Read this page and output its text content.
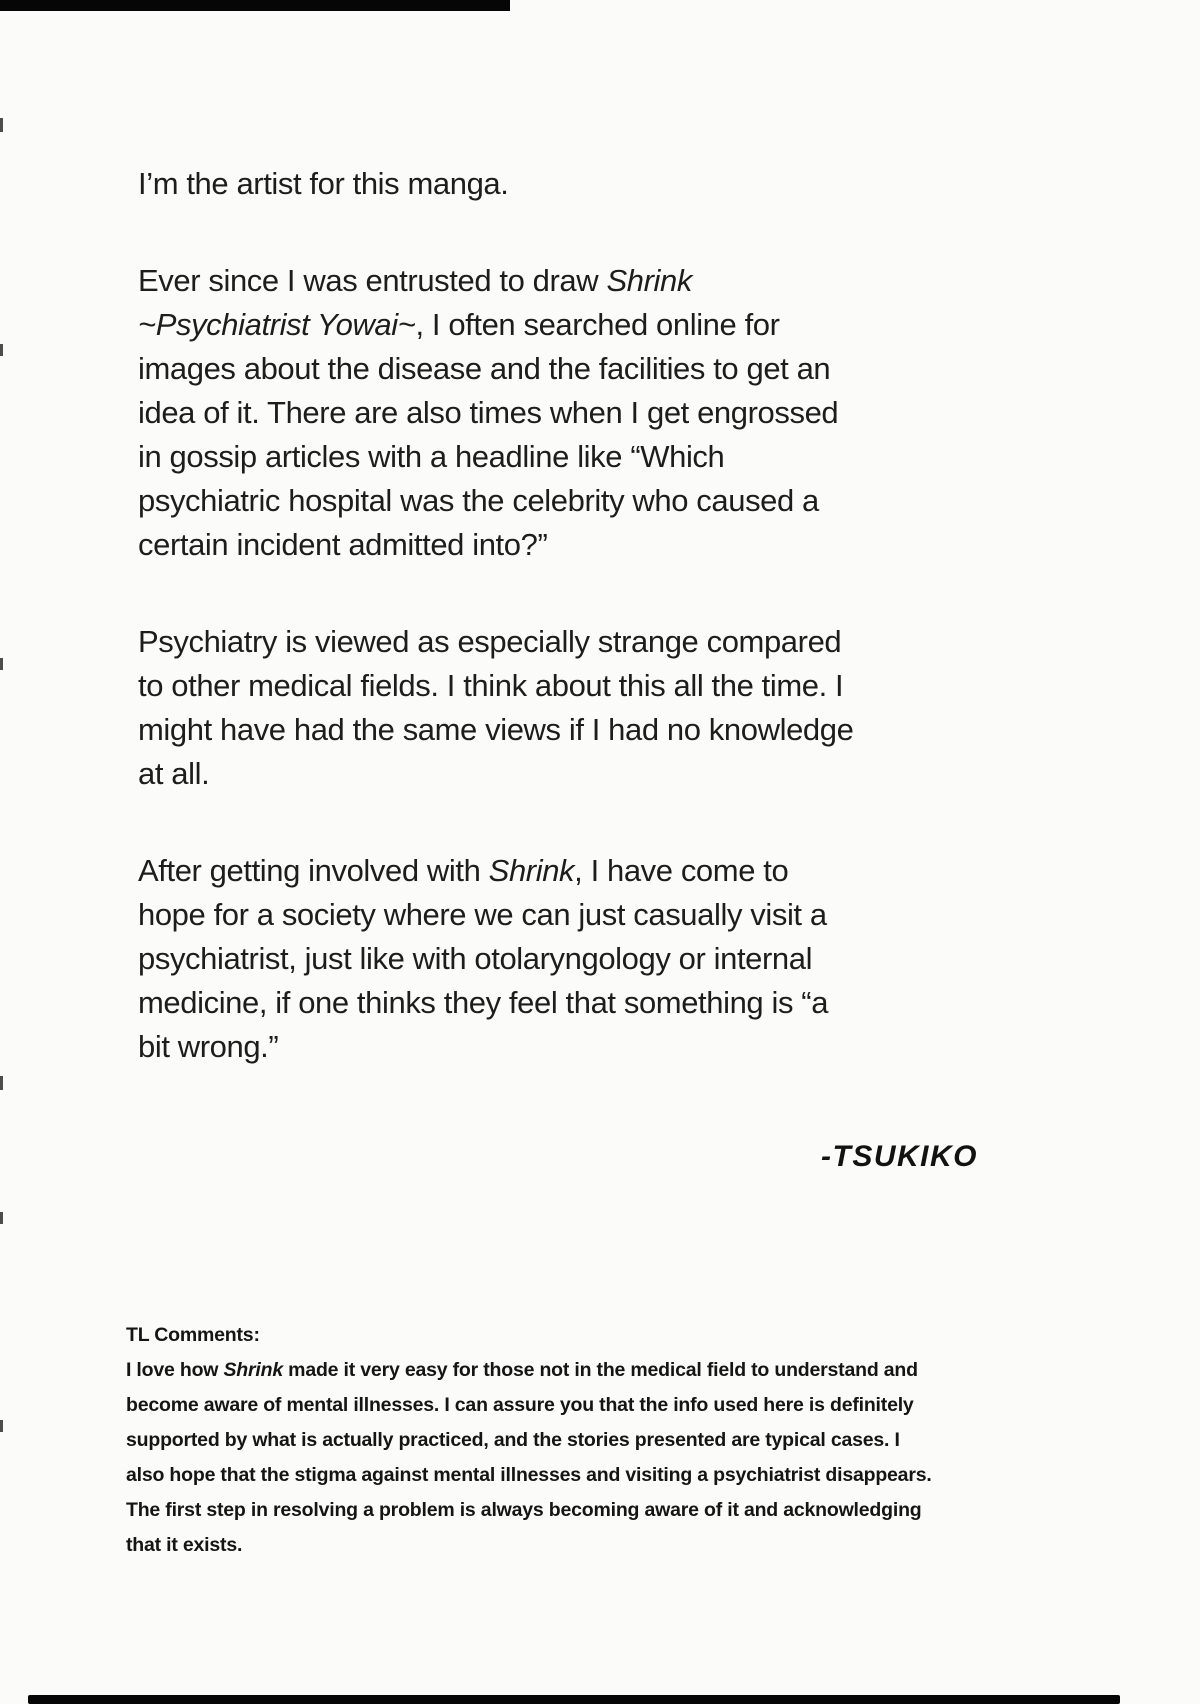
I’m the artist for this manga.
Ever since I was entrusted to draw Shrink
~Psychiatrist Yowai~, I often searched online for
images about the disease and the facilities to get an
idea of it. There are also times when I get engrossed
in gossip articles with a headline like “Which
psychiatric hospital was the celebrity who caused a
certain incident admitted into?”
Psychiatry is viewed as especially strange compared
to other medical fields. I think about this all the time. I
might have had the same views if I had no knowledge
at all.
After getting involved with Shrink, I have come to
hope for a society where we can just casually visit a
psychiatrist, just like with otolaryngology or internal
medicine, if one thinks they feel that something is “a
bit wrong.”
-TSUKIKO
TL Comments:
I love how Shrink made it very easy for those not in the medical field to understand and
become aware of mental illnesses. I can assure you that the info used here is definitely
supported by what is actually practiced, and the stories presented are typical cases. I
also hope that the stigma against mental illnesses and visiting a psychiatrist disappears.
The first step in resolving a problem is always becoming aware of it and acknowledging
that it exists.
